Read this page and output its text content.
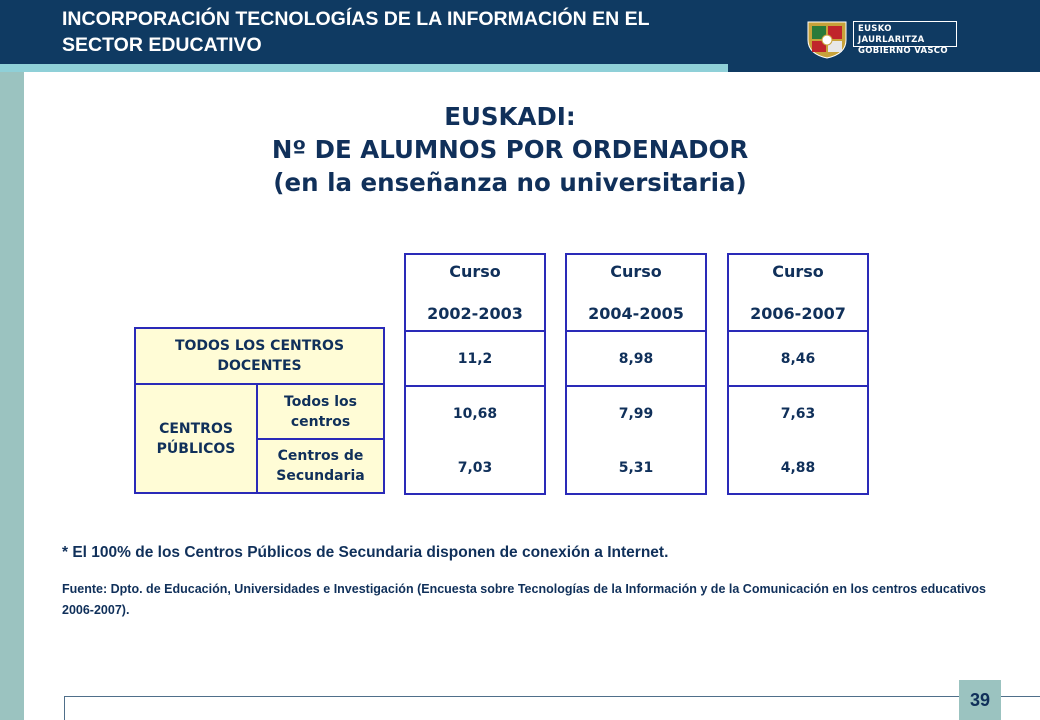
INCORPORACIÓN TECNOLOGÍAS DE LA INFORMACIÓN EN EL
SECTOR EDUCATIVO
EUSKO JAURLARITZA
GOBIERNO VASCO
EUSKADI:
Nº DE ALUMNOS POR ORDENADOR
(en la enseñanza no universitaria)
TODOS LOS CENTROS DOCENTES
CENTROS PÚBLICOS
Todos los centros
Centros de Secundaria
Curso
2002-2003
11,2
10,68
7,03
Curso
2004-2005
8,98
7,99
5,31
Curso
2006-2007
8,46
7,63
4,88
* El 100% de los Centros Públicos de Secundaria disponen de conexión a Internet.
Fuente: Dpto. de Educación, Universidades e Investigación (Encuesta sobre Tecnologías de la Información y de la Comunicación en los centros educativos 2006-2007).
39
